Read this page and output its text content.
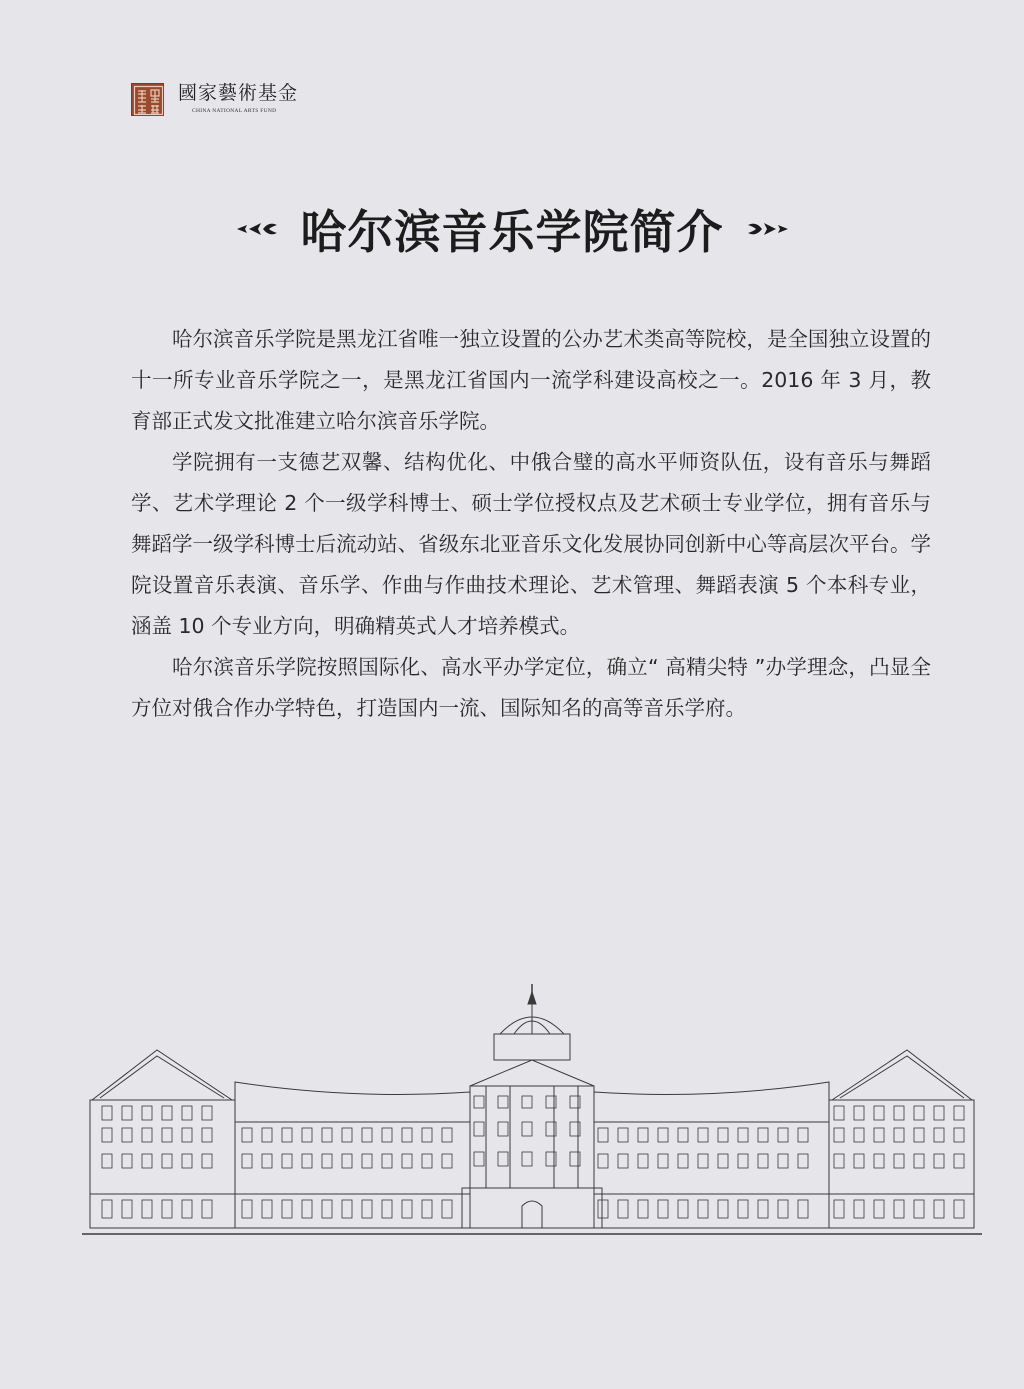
國家藝術基金
CHINA NATIONAL ARTS FUND
哈尔滨音乐学院简介

哈尔滨音乐学院是黑龙江省唯一独立设置的公办艺术类高等院校，是全国独立设置的十一所专业音乐学院之一，是黑龙江省国内一流学科建设高校之一。2016 年 3 月，教育部正式发文批准建立哈尔滨音乐学院。

学院拥有一支德艺双馨、结构优化、中俄合璧的高水平师资队伍，设有音乐与舞蹈学、艺术学理论 2 个一级学科博士、硕士学位授权点及艺术硕士专业学位，拥有音乐与舞蹈学一级学科博士后流动站、省级东北亚音乐文化发展协同创新中心等高层次平台。学院设置音乐表演、音乐学、作曲与作曲技术理论、艺术管理、舞蹈表演 5 个本科专业，涵盖 10 个专业方向，明确精英式人才培养模式。

哈尔滨音乐学院按照国际化、高水平办学定位，确立“ 高精尖特 ”办学理念，凸显全方位对俄合作办学特色，打造国内一流、国际知名的高等音乐学府。
